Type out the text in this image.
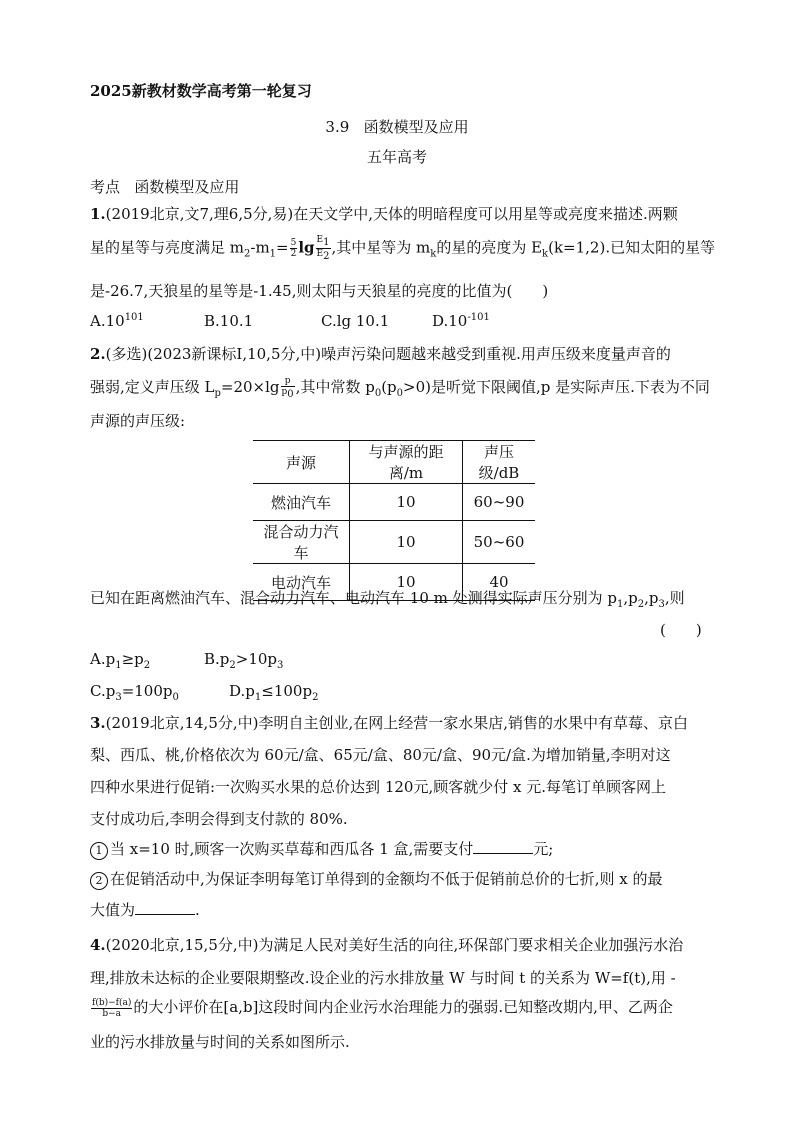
2025新教材数学高考第一轮复习
3.9 函数模型及应用
五年高考
考点 函数模型及应用
1.(2019北京,文7,理6,5分,易)在天文学中,天体的明暗程度可以用星等或亮度来描述.两颗
星的星等与亮度满足 $m_2-m_1= \frac{5}{2}$ $\lg \frac{E_1}{E_2}$ ,其中星等为 $m_k$的星的亮度为 $E_k(k=1,2)$.已知太阳的星等
是-26.7,天狼星的星等是-1.45,则太阳与天狼星的亮度的比值为(　　)
$A.10^{101}$	B.10.1	C.lg 10.1	$D.10^{-101}$
2.(多选)(2023新课标Ⅰ,10,5分,中)噪声污染问题越来越受到重视.用声压级来度量声音的
强弱,定义声压级 $L_p=20\times\lg \frac{p}{p_0}$ ,其中常数 $p_0(p_0>0)$是听觉下限阈值,p 是实际声压.下表为不同
声源的声压级:
声源	与声源的距离/m	声压级/dB
燃油汽车	10	60~90
混合动力汽车	10	50~60
电动汽车	10	40
已知在距离燃油汽车、混合动力汽车、电动汽车 10 m 处测得实际声压分别为 $p_1,p_2,p_3$,则
(　　)
$A.p_1\ge p_2$	$B.p_2>10p_3$
$C.p_3=100p_0$	$D.p_1\le 100p_2$
3.(2019北京,14,5分,中)李明自主创业,在网上经营一家水果店,销售的水果中有草莓、京白
梨、西瓜、桃,价格依次为 60元/盒、65元/盒、80元/盒、90元/盒.为增加销量,李明对这
四种水果进行促销:一次购买水果的总价达到 120元,顾客就少付 x 元.每笔订单顾客网上
支付成功后,李明会得到支付款的 80%.
1 当 x=10 时,顾客一次购买草莓和西瓜各 1 盒,需要支付	元;
2 在促销活动中,为保证李明每笔订单得到的金额均不低于促销前总价的七折,则 x 的最
大值为	.
4.(2020北京,15,5分,中)为满足人民对美好生活的向往,环保部门要求相关企业加强污水治
理,排放未达标的企业要限期整改.设企业的污水排放量 W 与时间 t 的关系为 W=f(t),用 -
$\frac{f(b)-f(a)}{b-a}$ 的大小评价在[a,b]这段时间内企业污水治理能力的强弱.已知整改期内,甲、乙两企
业的污水排放量与时间的关系如图所示.
